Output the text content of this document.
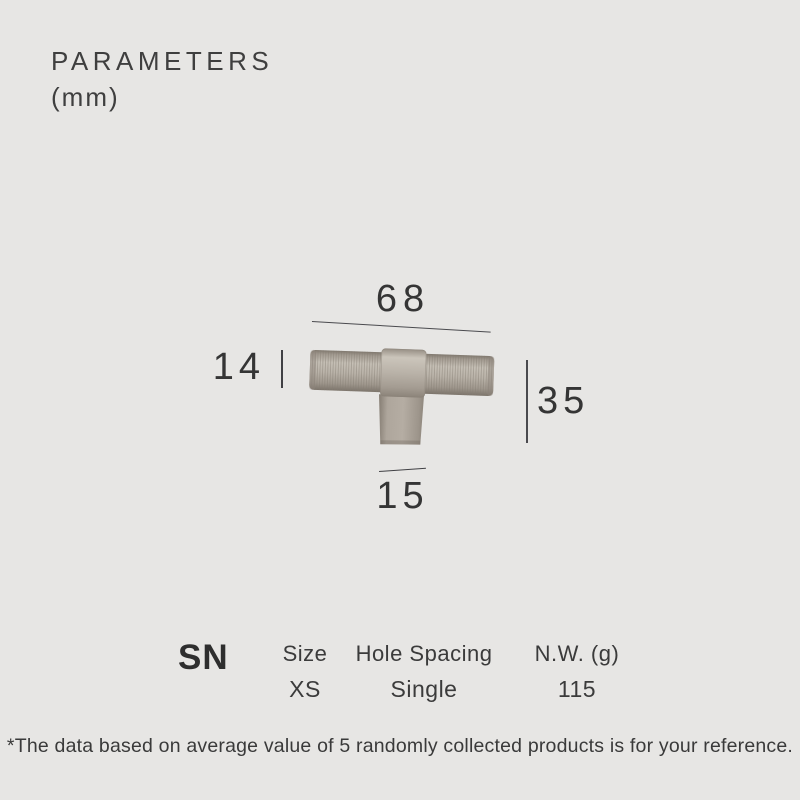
PARAMETERS
(mm)
68
14
35
15
SN	Size
XS
Hole Spacing
Single
N.W. (g)
115
*The data based on average value of 5 randomly collected products is for your reference.
